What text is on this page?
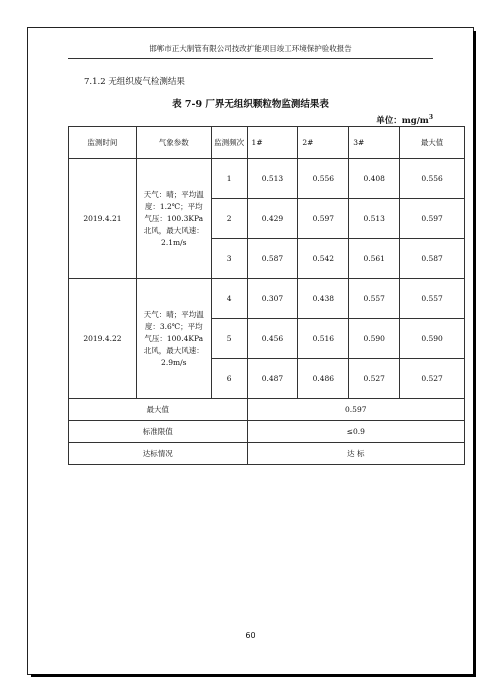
邯郸市正大制管有限公司技改扩能项目竣工环境保护验收报告
7.1.2 无组织废气检测结果
表 7-9 厂界无组织颗粒物监测结果表
单位：$mg/m^3$
监测时间	气象参数	监测频次	1#	2#	3#	最大值
2019.4.21	天气：晴；平均温
度：1.2℃；平均
气压：100.3KPa
北风，最大风速：
2.1m/s	1	0.513	0.556	0.408	0.556
		2	0.429	0.597	0.513	0.597
		3	0.587	0.542	0.561	0.587
2019.4.22	天气：晴；平均温
度：3.6℃；平均
气压：100.4KPa
北风，最大风速：
2.9m/s	4	0.307	0.438	0.557	0.557
		5	0.456	0.516	0.590	0.590
		6	0.487	0.486	0.527	0.527
最大值			0.597			
标准限值			≤0.9			
达标情况			达 标			
60
